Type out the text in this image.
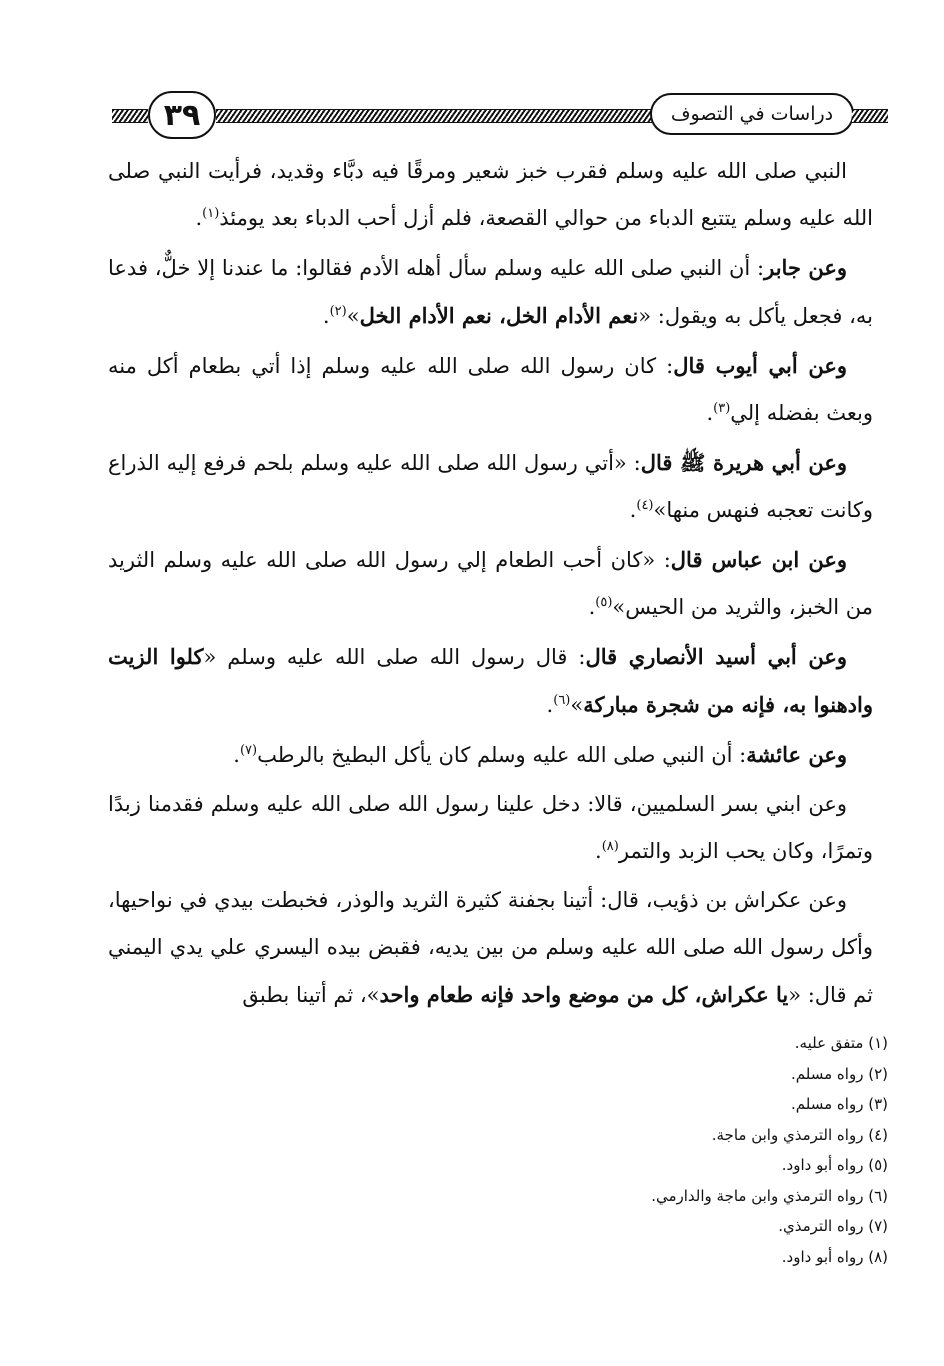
٣٩	دراسات في التصوف

النبي صلى الله عليه وسلم فقرب خبز شعير ومرقًا فيه دبَّاء وقديد، فرأيت النبي صلى الله عليه وسلم يتتبع الدباء من حوالي القصعة، فلم أزل أحب الدباء بعد يومئذ$^{(١)}$.

وعن جابر: أن النبي صلى الله عليه وسلم سأل أهله الأدم فقالوا: ما عندنا إلا خلٌّ، فدعا به، فجعل يأكل به ويقول: «نعم الأدام الخل، نعم الأدام الخل»$^{(٢)}$.

وعن أبي أيوب قال: كان رسول الله صلى الله عليه وسلم إذا أتي بطعام أكل منه وبعث بفضله إلي$^{(٣)}$.

وعن أبي هريرة ﷺ قال: «أتي رسول الله صلى الله عليه وسلم بلحم فرفع إليه الذراع وكانت تعجبه فنهس منها»$^{(٤)}$.

وعن ابن عباس قال: «كان أحب الطعام إلي رسول الله صلى الله عليه وسلم الثريد من الخبز، والثريد من الحيس»$^{(٥)}$.

وعن أبي أسيد الأنصاري قال: قال رسول الله صلى الله عليه وسلم «كلوا الزيت وادهنوا به، فإنه من شجرة مباركة»$^{(٦)}$.

وعن عائشة: أن النبي صلى الله عليه وسلم كان يأكل البطيخ بالرطب$^{(٧)}$.

وعن ابني بسر السلميين، قالا: دخل علينا رسول الله صلى الله عليه وسلم فقدمنا زبدًا وتمرًا، وكان يحب الزبد والتمر$^{(٨)}$.

وعن عكراش بن ذؤيب، قال: أتينا بجفنة كثيرة الثريد والوذر، فخبطت بيدي في نواحيها، وأكل رسول الله صلى الله عليه وسلم من بين يديه، فقبض بيده اليسري علي يدي اليمني ثم قال: «يا عكراش، كل من موضع واحد فإنه طعام واحد»، ثم أتينا بطبق

(١) متفق عليه.
(٢) رواه مسلم.
(٣) رواه مسلم.
(٤) رواه الترمذي وابن ماجة.
(٥) رواه أبو داود.
(٦) رواه الترمذي وابن ماجة والدارمي.
(٧) رواه الترمذي.
(٨) رواه أبو داود.
